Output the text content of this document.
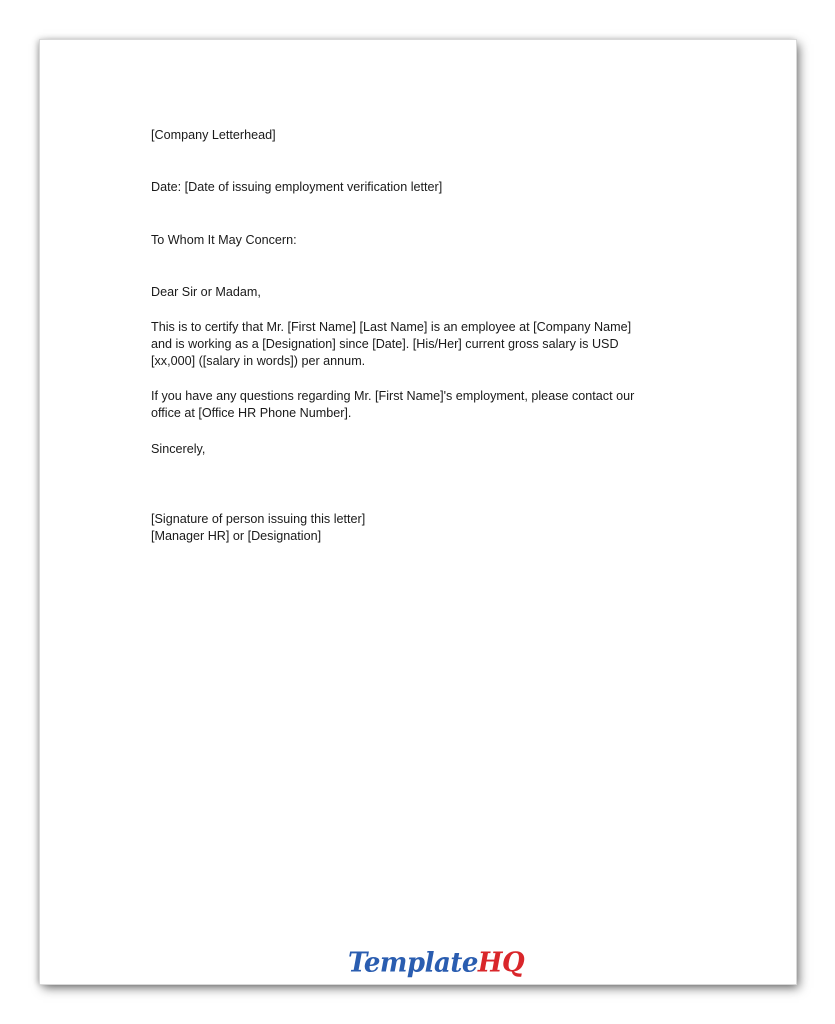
[Company Letterhead]
Date: [Date of issuing employment verification letter]
To Whom It May Concern:
Dear Sir or Madam,
This is to certify that Mr. [First Name] [Last Name] is an employee at [Company Name]
and is working as a [Designation] since [Date]. [His/Her] current gross salary is USD
[xx,000] ([salary in words]) per annum.
If you have any questions regarding Mr. [First Name]'s employment, please contact our
office at [Office HR Phone Number].
Sincerely,
[Signature of person issuing this letter]
[Manager HR] or [Designation]
TemplateHQ
